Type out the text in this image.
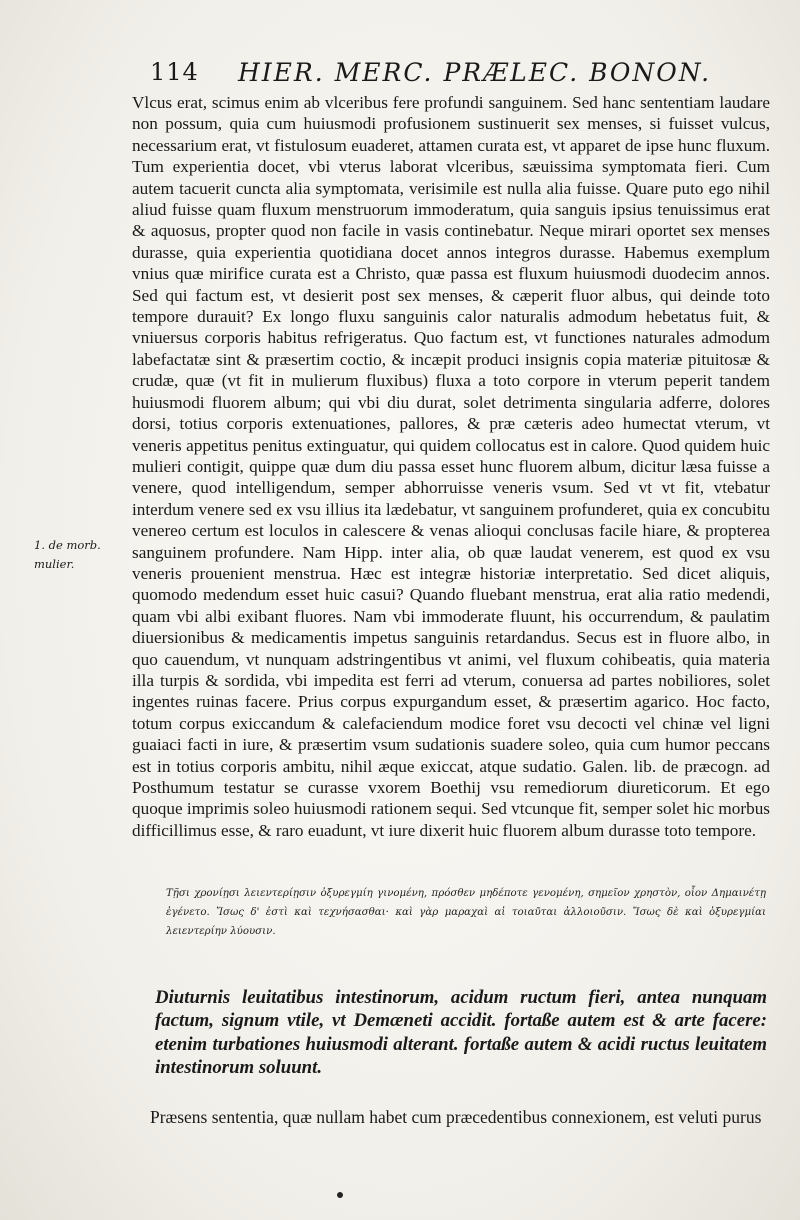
114 HIER. MERC. PRÆLEC. BONON.

Vlcus erat, scimus enim ab vlceribus fere profundi sanguinem. Sed hanc sententiam laudare non possum, quia cum huiusmodi profusionem sustinuerit sex menses, si fuisset vulcus, necessarium erat, vt fistulosum euaderet, attamen curata est, vt apparet de ipse hunc fluxum. Tum experientia docet, vbi vterus laborat vlceribus, sæuissima symptomata fieri. Cum autem tacuerit cuncta alia symptomata, verisimile est nulla alia fuisse. Quare puto ego nihil aliud fuisse quam fluxum menstruorum immoderatum, quia sanguis ipsius tenuissimus erat & aquosus, propter quod non facile in vasis continebatur. Neque mirari oportet sex menses durasse, quia experientia quotidiana docet annos integros durasse. Habemus exemplum vnius quæ mirifice curata est a Christo, quæ passa est fluxum huiusmodi duodecim annos. Sed qui factum est, vt desierit post sex menses, & cæperit fluor albus, qui deinde toto tempore durauit? Ex longo fluxu sanguinis calor naturalis admodum hebetatus fuit, & vniuersus corporis habitus refrigeratus. Quo factum est, vt functiones naturales admodum labefactatæ sint & præsertim coctio, & incæpit produci insignis copia materiæ pituitosæ & crudæ, quæ (vt fit in mulierum fluxibus) fluxa a toto corpore in vterum peperit tandem huiusmodi fluorem album; qui vbi diu durat, solet detrimenta singularia adferre, dolores dorsi, totius corporis extenuationes, pallores, & præ cæteris adeo humectat vterum, vt veneris appetitus penitus extinguatur, qui quidem collocatus est in calore. Quod quidem huic mulieri contigit, quippe quæ dum diu passa esset hunc fluorem album, dicitur læsa fuisse a venere, quod intelligendum, semper abhorruisse veneris vsum. Sed vt vt fit, vtebatur interdum venere sed ex vsu illius ita lædebatur, vt sanguinem profunderet, quia ex concubitu venereo certum est loculos in calescere & venas alioqui conclusas facile hiare, & propterea sanguinem profundere. Nam Hipp. inter alia, ob quæ laudat venerem, est quod ex vsu veneris prouenient menstrua. Hæc est integræ historiæ interpretatio. Sed dicet aliquis, quomodo medendum esset huic casui? Quando fluebant menstrua, erat alia ratio medendi, quam vbi albi exibant fluores. Nam vbi immoderate fluunt, his occurrendum, & paulatim diuersionibus & medicamentis impetus sanguinis retardandus. Secus est in fluore albo, in quo cauendum, vt nunquam adstringentibus vt animi, vel fluxum cohibeatis, quia materia illa turpis & sordida, vbi impedita est ferri ad vterum, conuersa ad partes nobiliores, solet ingentes ruinas facere. Prius corpus expurgandum esset, & præsertim agarico. Hoc facto, totum corpus exiccandum & calefaciendum modice foret vsu decocti vel chinæ vel ligni guaiaci facti in iure, & præsertim vsum sudationis suadere soleo, quia cum humor peccans est in totius corporis ambitu, nihil æque exiccat, atque sudatio. Galen. lib. de præcogn. ad Posthumum testatur se curasse vxorem Boethij vsu remediorum diureticorum. Et ego quoque imprimis soleo huiusmodi rationem sequi. Sed vtcunque fit, semper solet hic morbus difficillimus esse, & raro euadunt, vt iure dixerit huic fluorem album durasse toto tempore.

1. de morb. mulier.
Τῇσι χρονίῃσι λειεντερίῃσιν ὀξυρεγμίη γινομένη, πρόσθεν μηδέποτε γενομένη, σημεῖον χρηστὸν, οἷον Δημαινέτῃ ἐγένετο. Ἴσως δ' ἐστὶ καὶ τεχνήσασθαι· καὶ γὰρ μαραχαὶ αἱ τοιαῦται ἀλλοιοῦσιν. Ἴσως δὲ καὶ ὀξυρεγμίαι λειεντερίην λύουσιν.
Diuturnis leuitatibus intestinorum, acidum ructum fieri, antea nunquam factum, signum vtile, vt Demæneti accidit. fortaße autem est & arte facere: etenim turbationes huiusmodi alterant. fortaße autem & acidi ructus leuitatem intestinorum soluunt.
Præsens sententia, quæ nullam habet cum præcedentibus connexionem, est veluti purus
